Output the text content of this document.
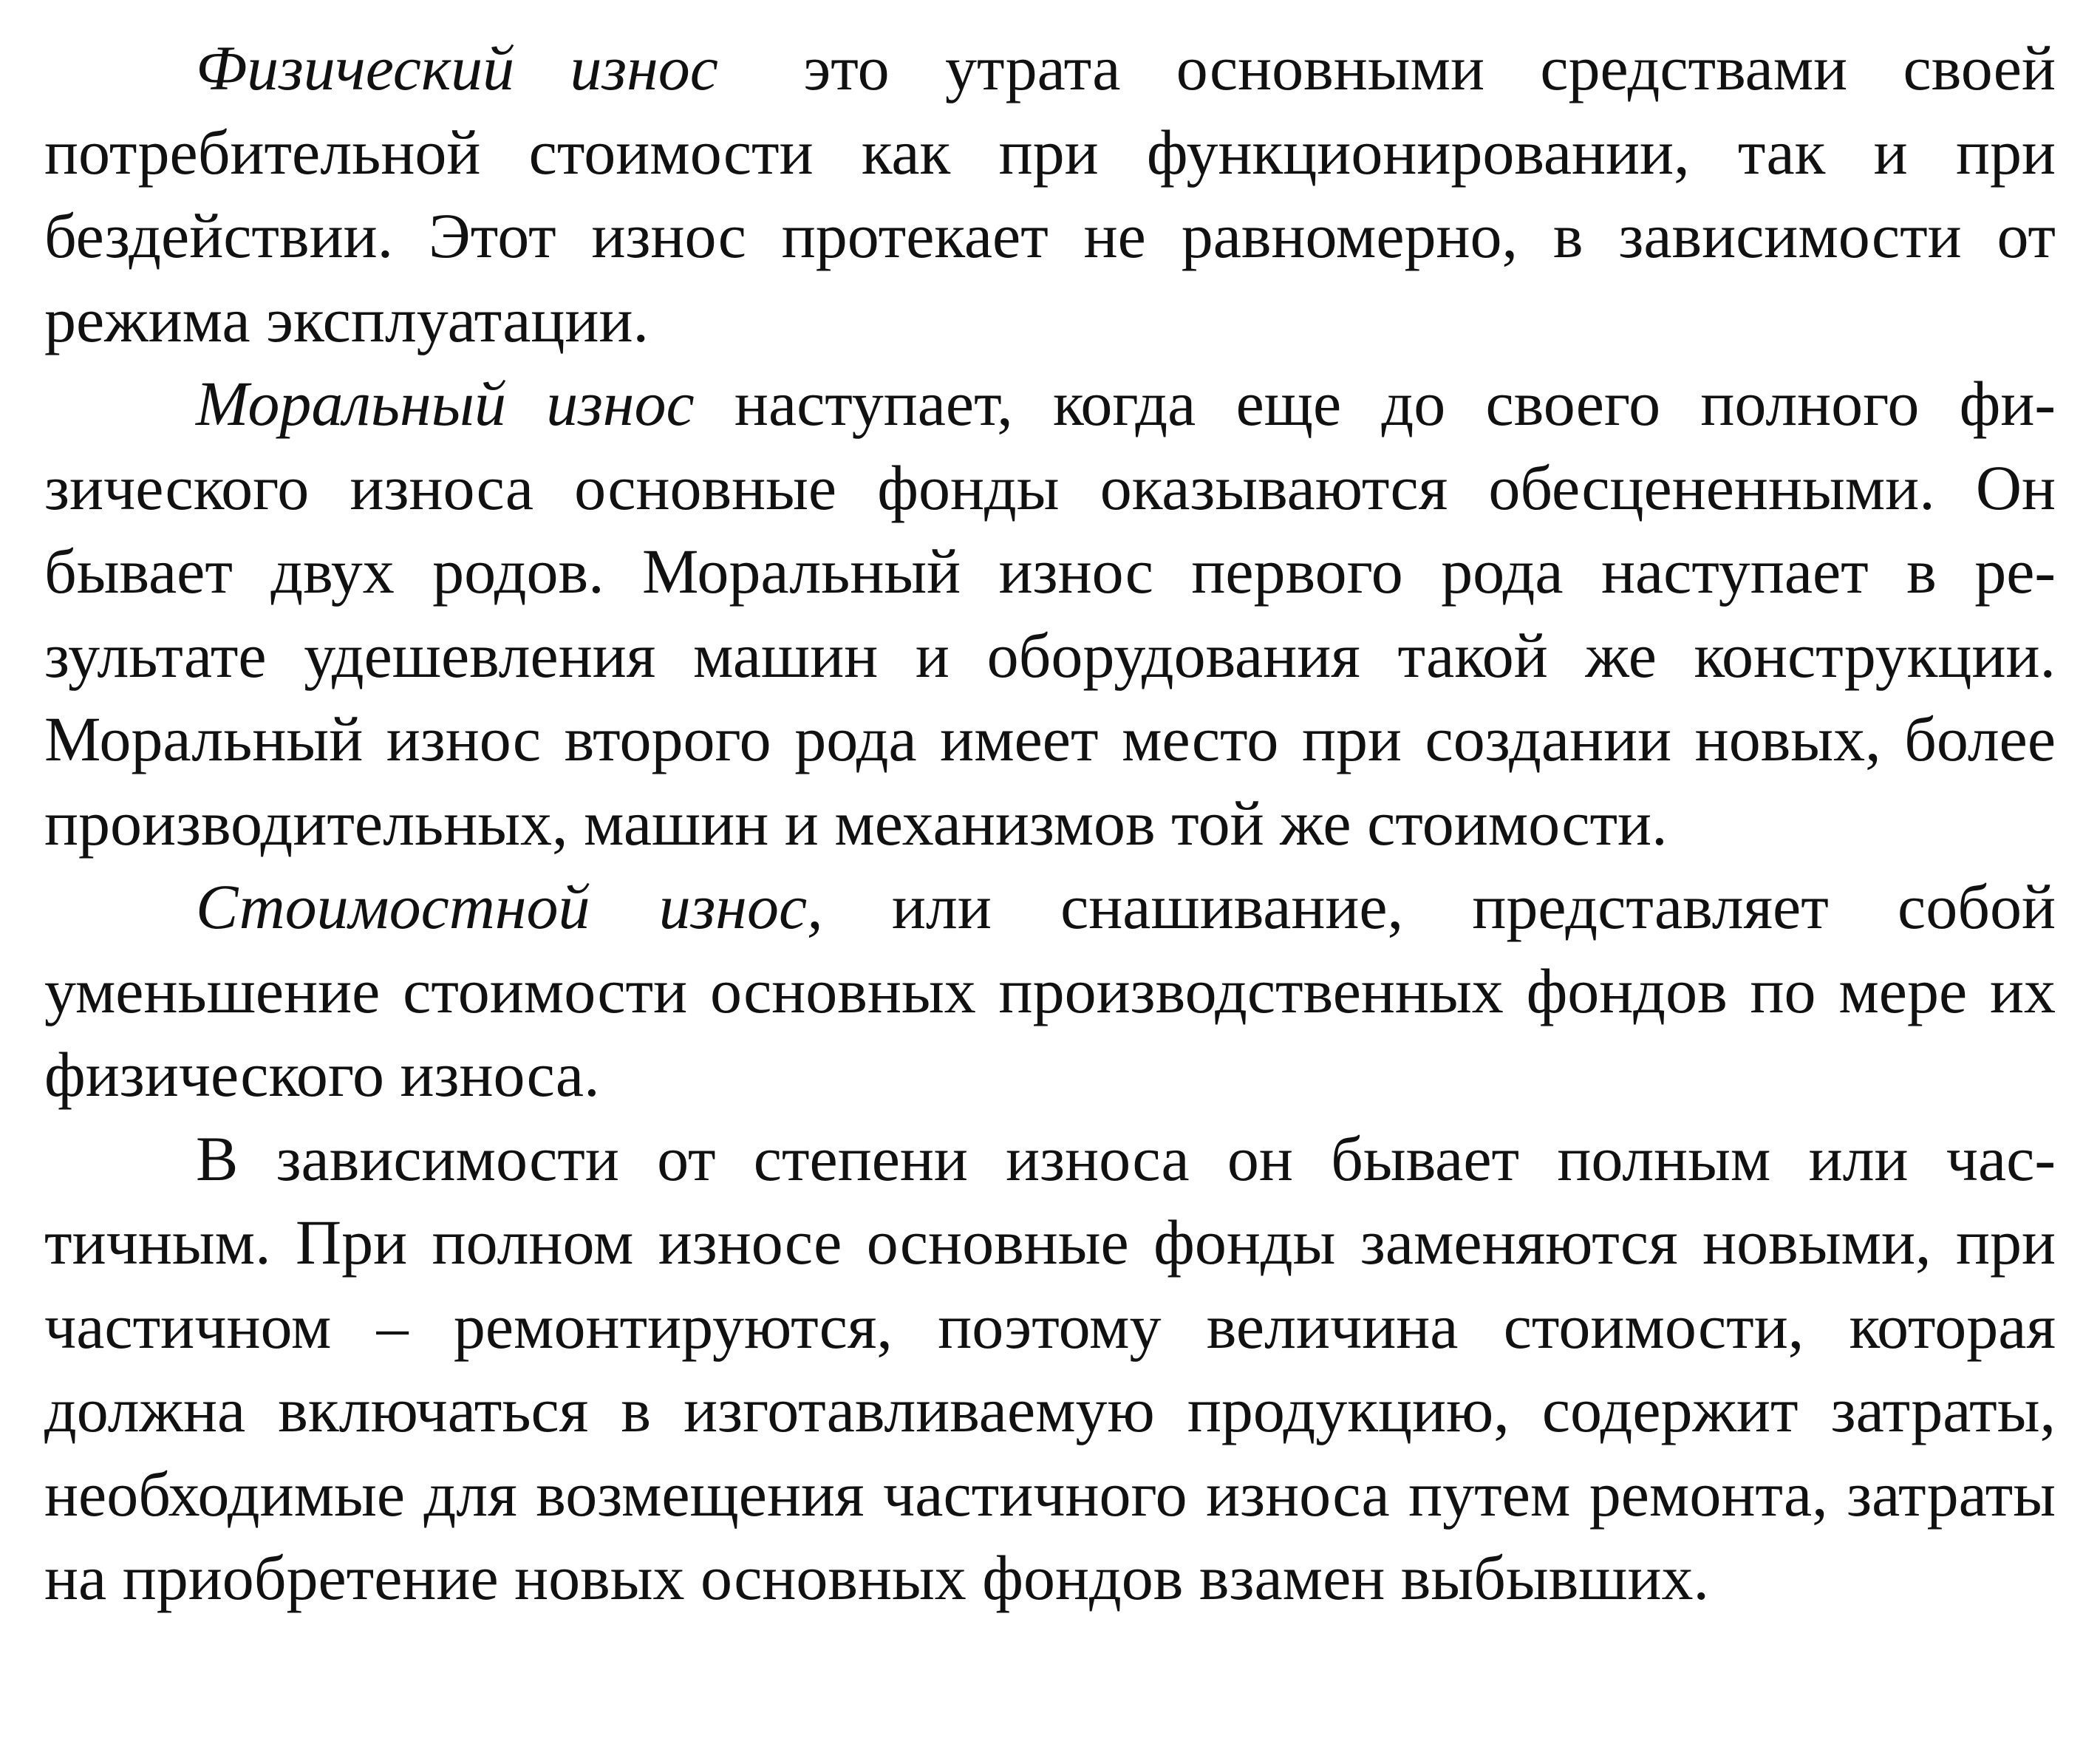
Физический износ это утрата основными средствами своей потребительной стоимости как при функционировании, так и при бездействии. Этот износ протекает не равномерно, в зависимости от режима эксплуатации.

Моральный износ наступает, когда еще до своего полного физического износа основные фонды оказываются обесцененными. Он бывает двух родов. Моральный износ первого рода наступает в результате удешевления машин и оборудования такой же конструкции. Моральный износ второго рода имеет место при создании новых, более производительных, машин и механизмов той же стоимости.

Стоимостной износ, или снашивание, представляет собой уменьшение стоимости основных производственных фондов по мере их физического износа.

В зависимости от степени износа он бывает полным или частичным. При полном износе основные фонды заменяются новыми, при частичном – ремонтируются, поэтому величина стоимости, которая должна включаться в изготавливаемую продукцию, содержит затраты, необходимые для возмещения частичного износа путем ремонта, затраты на приобретение новых основных фондов взамен выбывших.
